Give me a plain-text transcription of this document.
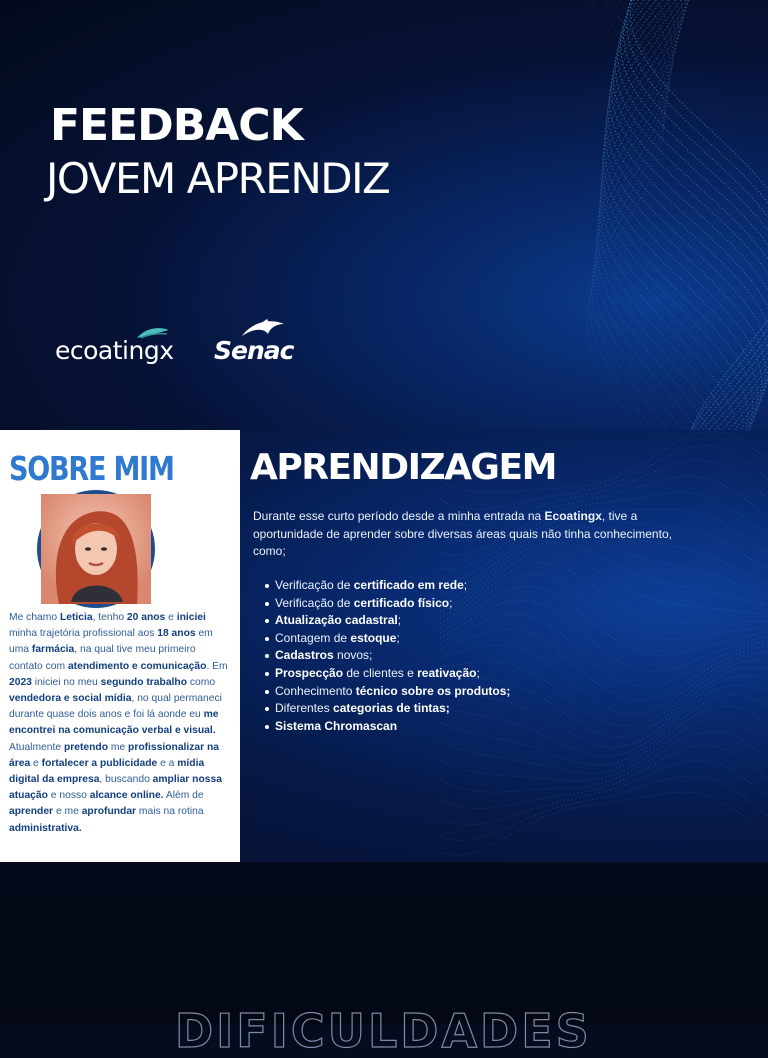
FEEDBACK
JOVEM APRENDIZ
ecoatingx Senac
SOBRE MIM

Me chamo Leticia, tenho 20 anos e iniciei minha trajetória profissional aos 18 anos em uma farmácia, na qual tive meu primeiro contato com atendimento e comunicação. Em 2023 iniciei no meu segundo trabalho como vendedora e social mídia, no qual permaneci durante quase dois anos e foi lá aonde eu me encontrei na comunicação verbal e visual. Atualmente pretendo me profissionalizar na área e fortalecer a publicidade e a mídia digital da empresa, buscando ampliar nossa atuação e nosso alcance online. Além de aprender e me aprofundar mais na rotina administrativa.

APRENDIZAGEM

Durante esse curto período desde a minha entrada na Ecoatingx, tive a oportunidade de aprender sobre diversas áreas quais não tinha conhecimento, como;

Verificação de certificado em rede;
Verificação de certificado físico;
Atualização cadastral;
Contagem de estoque;
Cadastros novos;
Prospecção de clientes e reativação;
Conhecimento técnico sobre os produtos;
Diferentes categorias de tintas;
Sistema Chromascan
DIFICULDADES
